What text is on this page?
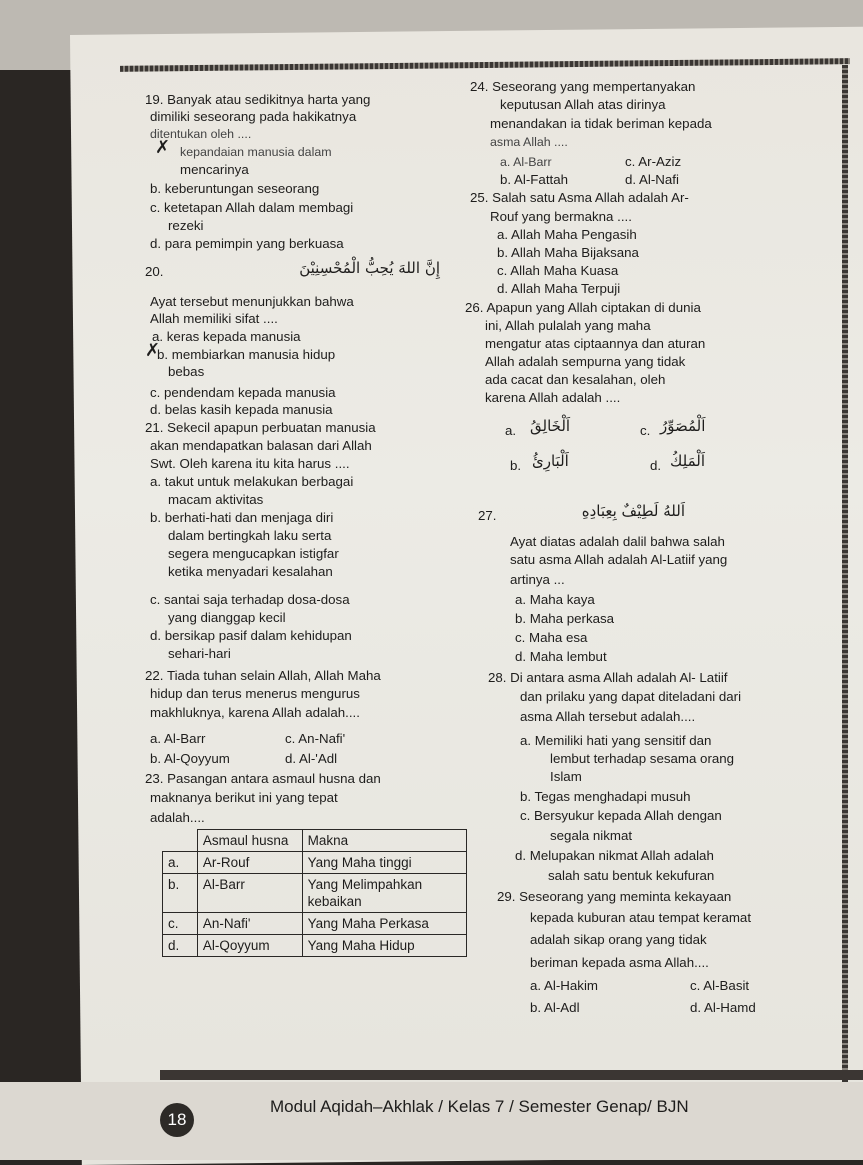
19. Banyak atau sedikitnya harta yang
dimiliki seseorang pada hakikatnya
ditentukan oleh ....
✗ kepandaian manusia dalam
mencarinya
b. keberuntungan seseorang
c. ketetapan Allah dalam membagi
rezeki
d. para pemimpin yang berkuasa
20.	إِنَّ اللهَ يُحِبُّ الْمُحْسِنِيْنَ
Ayat tersebut menunjukkan bahwa
Allah memiliki sifat ....
a. keras kepada manusia
✗
b. membiarkan manusia hidup
bebas
c. pendendam kepada manusia
d. belas kasih kepada manusia
21. Sekecil apapun perbuatan manusia
akan mendapatkan balasan dari Allah
Swt. Oleh karena itu kita harus ....
a. takut untuk melakukan berbagai
macam aktivitas
b. berhati-hati dan menjaga diri
dalam bertingkah laku serta
segera mengucapkan istigfar
ketika menyadari kesalahan
c. santai saja terhadap dosa-dosa
yang dianggap kecil
d. bersikap pasif dalam kehidupan
sehari-hari
22. Tiada tuhan selain Allah, Allah Maha
hidup dan terus menerus mengurus
makhluknya, karena Allah adalah....
a. Al-Barr	c. An-Nafi'
b. Al-Qoyyum	d. Al-'Adl
23. Pasangan antara asmaul husna dan
maknanya berikut ini yang tepat
adalah....
	Asmaul husna	Makna
a.	Ar-Rouf	Yang Maha tinggi
b.	Al-Barr	Yang Melimpahkan kebaikan
c.	An-Nafi'	Yang Maha Perkasa
d.	Al-Qoyyum	Yang Maha Hidup
24. Seseorang yang mempertanyakan
keputusan Allah atas dirinya
menandakan ia tidak beriman kepada
asma Allah ....
a. Al-Barr	c. Ar-Aziz
b. Al-Fattah	d. Al-Nafi
25. Salah satu Asma Allah adalah Ar-
Rouf yang bermakna ....
a. Allah Maha Pengasih
b. Allah Maha Bijaksana
c. Allah Maha Kuasa
d. Allah Maha Terpuji
26. Apapun yang Allah ciptakan di dunia
ini, Allah pulalah yang maha
mengatur atas ciptaannya dan aturan
Allah adalah sempurna yang tidak
ada cacat dan kesalahan, oleh
karena Allah adalah ....
a. اَلْخَالِقُ	c. اَلْمُصَوِّرُ
b. اَلْبَارِئُ	d. اَلْمَلِكُ
27.	اَللهُ لَطِيْفٌ بِعِبَادِهِ
Ayat diatas adalah dalil bahwa salah
satu asma Allah adalah Al-Latiif yang
artinya ...
a. Maha kaya
b. Maha perkasa
c. Maha esa
d. Maha lembut
28. Di antara asma Allah adalah Al- Latiif
dan prilaku yang dapat diteladani dari
asma Allah tersebut adalah....
a. Memiliki hati yang sensitif dan
lembut terhadap sesama orang
Islam
b. Tegas menghadapi musuh
c. Bersyukur kepada Allah dengan
segala nikmat
d. Melupakan nikmat Allah adalah
salah satu bentuk kekufuran
29. Seseorang yang meminta kekayaan
kepada kuburan atau tempat keramat
adalah sikap orang yang tidak
beriman kepada asma Allah....
a. Al-Hakim	c. Al-Basit
b. Al-Adl	d. Al-Hamd
18
Modul Aqidah–Akhlak / Kelas 7 / Semester Genap/ BJN
